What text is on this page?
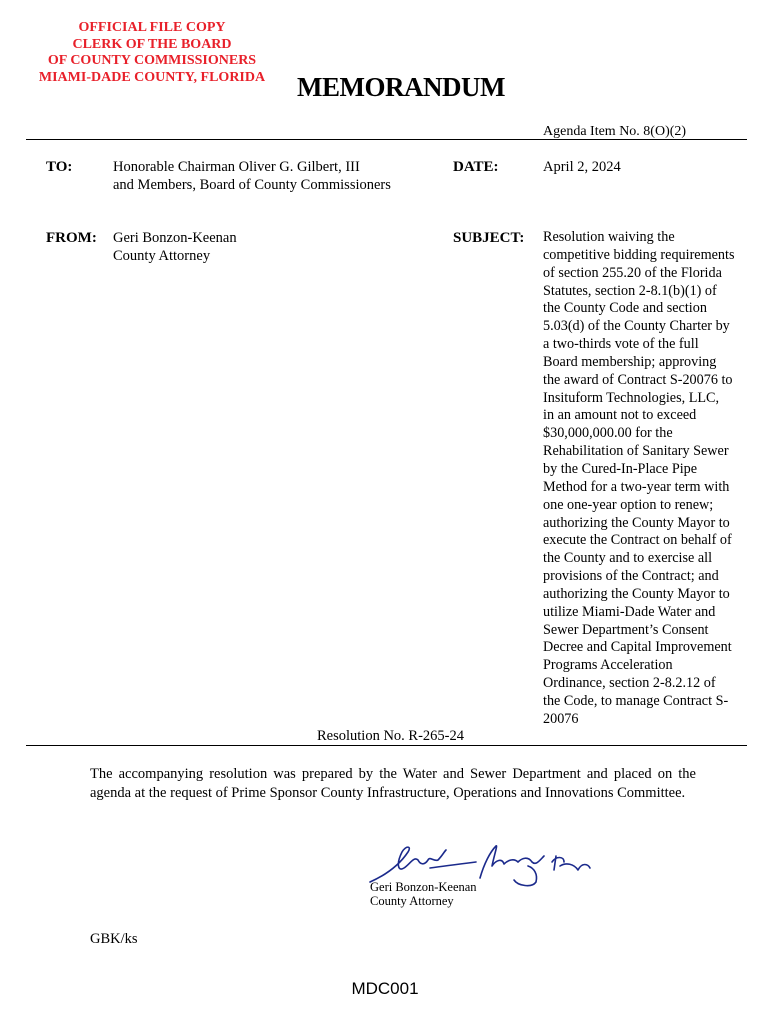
OFFICIAL FILE COPY
CLERK OF THE BOARD
OF COUNTY COMMISSIONERS
MIAMI-DADE COUNTY, FLORIDA	MEMORANDUM
Agenda Item No. 8(O)(2)
TO:	Honorable Chairman Oliver G. Gilbert, III
and Members, Board of County Commissioners
DATE:	April 2, 2024
FROM: Geri Bonzon-Keenan
County Attorney
SUBJECT: Resolution waiving the
competitive bidding requirements
of section 255.20 of the Florida
Statutes, section 2-8.1(b)(1) of
the County Code and section
5.03(d) of the County Charter by
a two-thirds vote of the full
Board membership; approving
the award of Contract S-20076 to
Insituform Technologies, LLC,
in an amount not to exceed
$30,000,000.00 for the
Rehabilitation of Sanitary Sewer
by the Cured-In-Place Pipe
Method for a two-year term with
one one-year option to renew;
authorizing the County Mayor to
execute the Contract on behalf of
the County and to exercise all
provisions of the Contract; and
authorizing the County Mayor to
utilize Miami-Dade Water and
Sewer Department’s Consent
Decree and Capital Improvement
Programs Acceleration
Ordinance, section 2-8.2.12 of
the Code, to manage Contract S-
20076
Resolution No. R-265-24
The accompanying resolution was prepared by the Water and Sewer Department and placed on the agenda at the request of Prime Sponsor County Infrastructure, Operations and Innovations Committee.
Geri Bonzon-Keenan
County Attorney
GBK/ks
MDC001
